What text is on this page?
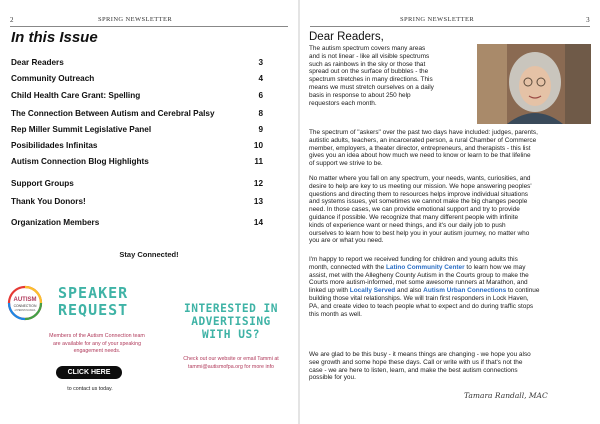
2	SPRING NEWSLETTER
In this Issue
Dear Readers	3
Community Outreach	4
Child Health Care Grant: Spelling	6
The Connection Between Autism and Cerebral Palsy	8
Rep Miller Summit Legislative Panel	9
Posibilidades Infinitas	10
Autism Connection Blog Highlights	11
Support Groups	12
Thank You Donors!	13
Organization Members	14
Stay Connected!
AUTISM
CONNECTION
of PENNSYLVANIA
SPEAKER
REQUEST
Members of the Autism Connection team
are available for any of your speaking
engagement needs.
CLICK HERE
to contact us today.
INTERESTED IN
ADVERTISING
WITH US?
Check out our website or email Tammi at
tammi@autismofpa.org for more info
SPRING NEWSLETTER	3
Dear Readers,
The autism spectrum covers many areas
and is not linear - like all visible spectrums
such as rainbows in the sky or those that
spread out on the surface of bubbles - the
spectrum stretches in many directions. This
means we must stretch ourselves on a daily
basis in response to about 250 help
requestors each month.
The spectrum of "askers" over the past two days have included: judges, parents,
autistic adults, teachers, an incarcerated person, a rural Chamber of Commerce
member, employers, a theater director, entrepreneurs, and therapists - this list
gives you an idea about how much we need to know or learn to be that lifeline
of support we strive to be.
No matter where you fall on any spectrum, your needs, wants, curiosities, and
desire to help are key to us meeting our mission. We hope answering peoples'
questions and directing them to resources helps improve individual situations
and systems issues, yet sometimes we cannot make the big changes people
need. In those cases, we can provide emotional support and try to provide
guidance if possible. We recognize that many different people with infinite
kinds of experience want or need things, and it's our daily job to push
ourselves to learn how to best help you in your autism journey, no matter who
you are or what you need.
I'm happy to report we received funding for children and young adults this
month, connected with the Latino Community Center to learn how we may
assist, met with the Allegheny County Autism in the Courts group to make the
Courts more autism-informed, met some awesome runners at Marathon, and
linked up with Locally Served and also Autism Urban Connections to continue
building those vital relationships. We will train first responders in Lock Haven,
PA, and create video to teach people what to expect and do during traffic stops
this month as well.
We are glad to be this busy - it means things are changing - we hope you also
see growth and some hope these days. Call or write with us if that's not the
case - we are here to listen, learn, and make the best autism connections
possible for you.
Tamara Randall, MAC
